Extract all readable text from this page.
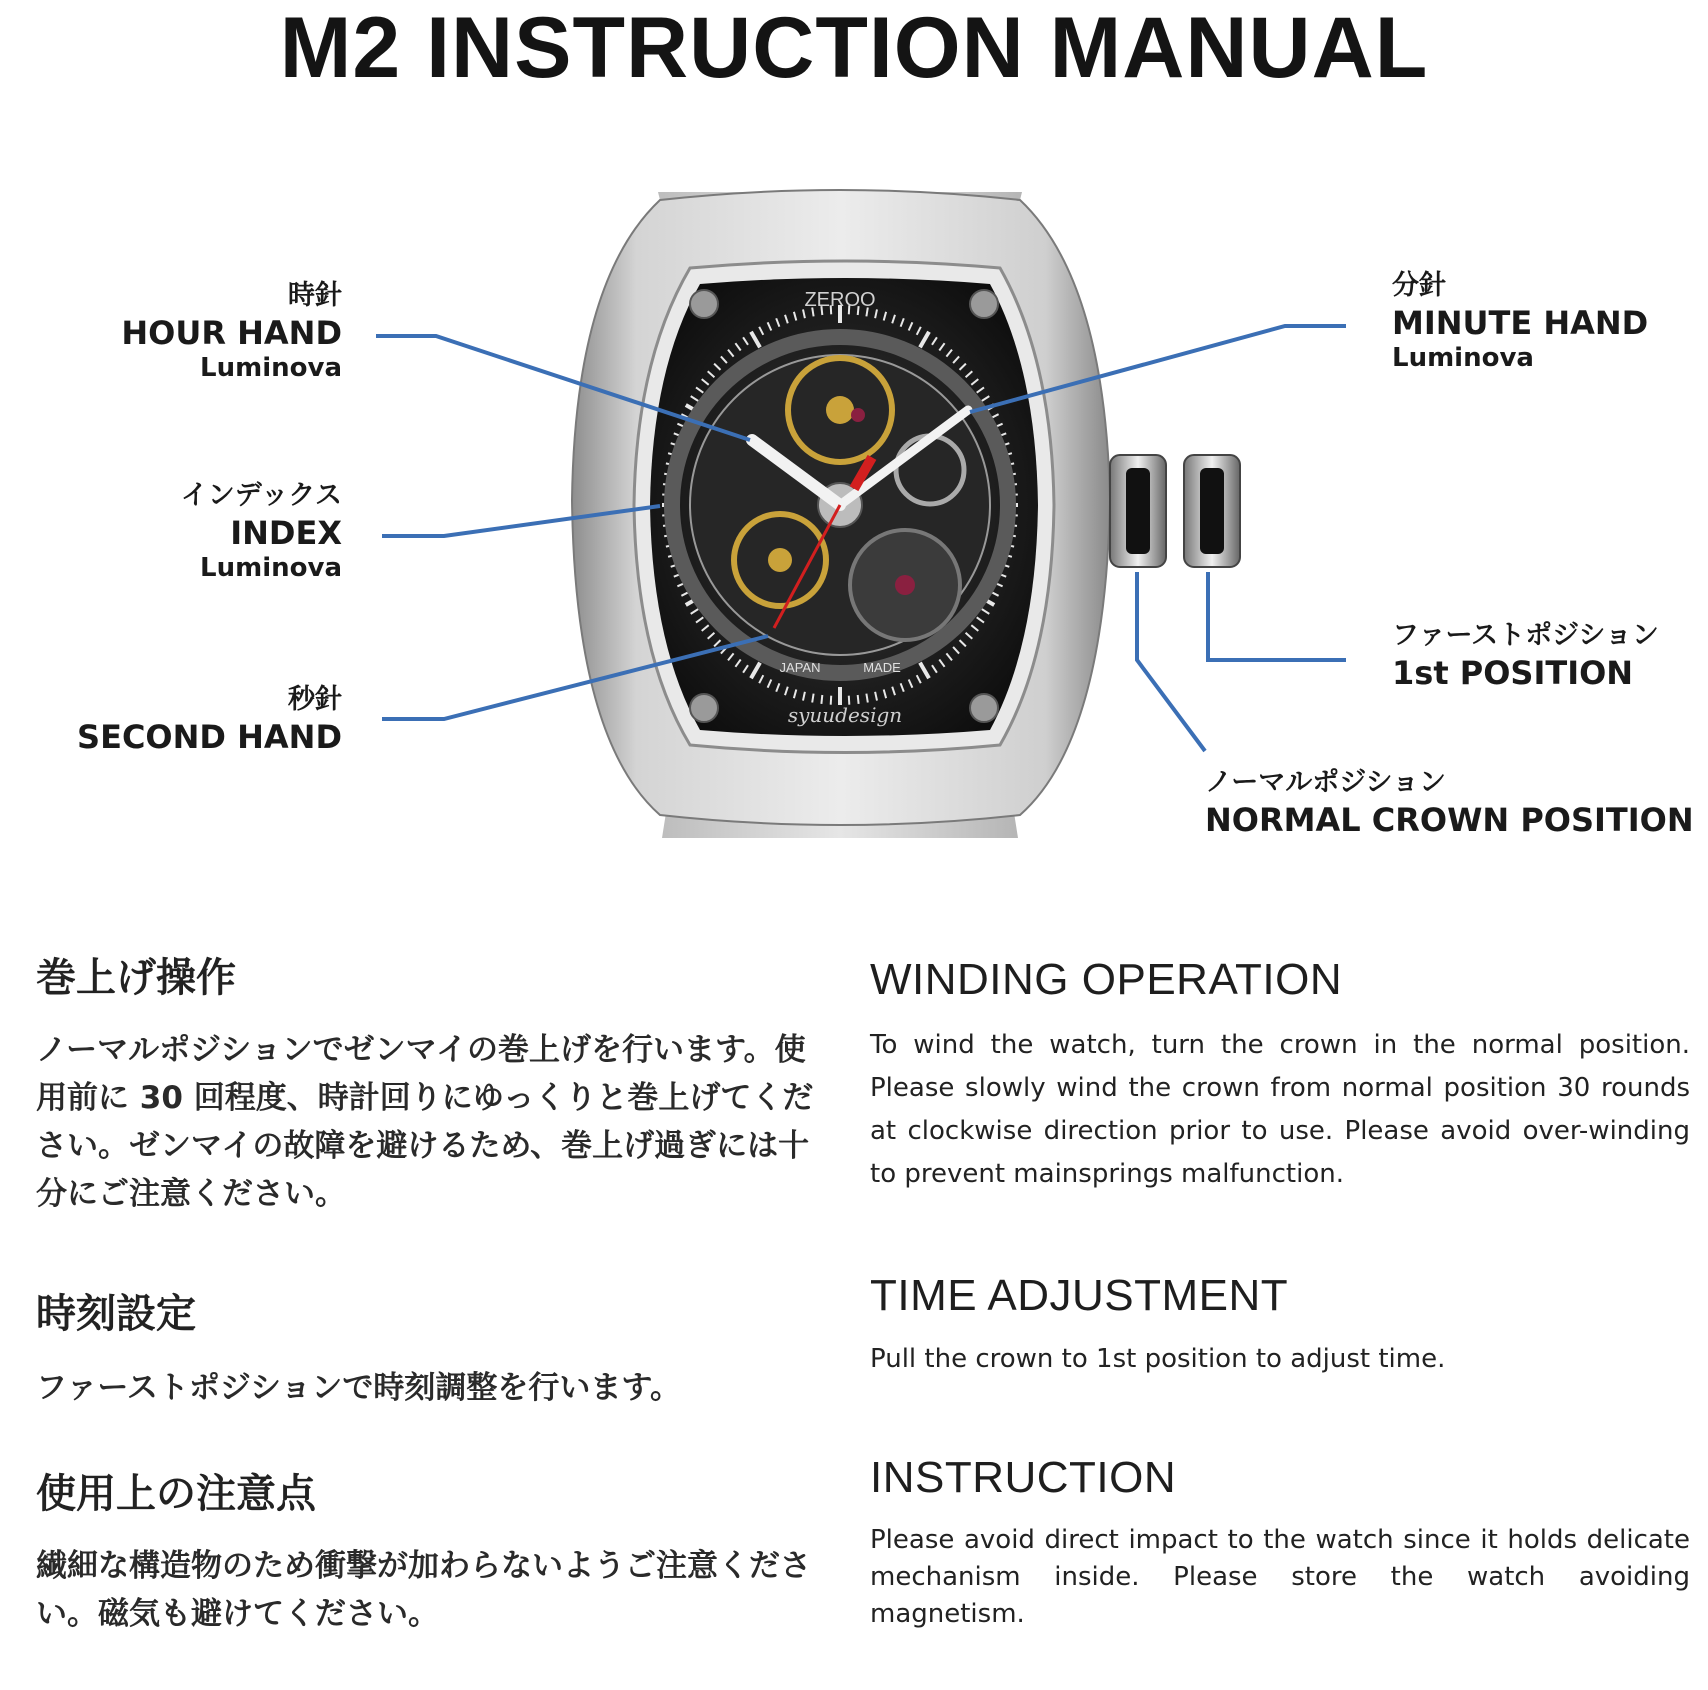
M2 INSTRUCTION MANUAL
ZEROO
JAPAN	MADE
syuudesign
時針
HOUR HAND
Luminova
インデックス
INDEX
Luminova
秒針
SECOND HAND
分針
MINUTE HAND
Luminova
ファーストポジション
1st POSITION
ノーマルポジション
NORMAL CROWN POSITION
巻上げ操作

ノーマルポジションでゼンマイの巻上げを行います。使用前に 30 回程度、時計回りにゆっくりと巻上げてください。ゼンマイの故障を避けるため、巻上げ過ぎには十分にご注意ください。

時刻設定

ファーストポジションで時刻調整を行います。

使用上の注意点

繊細な構造物のため衝撃が加わらないようご注意ください。磁気も避けてください。

WINDING OPERATION

To wind the watch, turn the crown in the normal position. Please slowly wind the crown from normal position 30 rounds at clockwise direction prior to use. Please avoid over-winding to prevent mainsprings malfunction.

TIME ADJUSTMENT

Pull the crown to 1st position to adjust time.

INSTRUCTION

Please avoid direct impact to the watch since it holds delicate mechanism inside. Please store the watch avoiding magnetism.
